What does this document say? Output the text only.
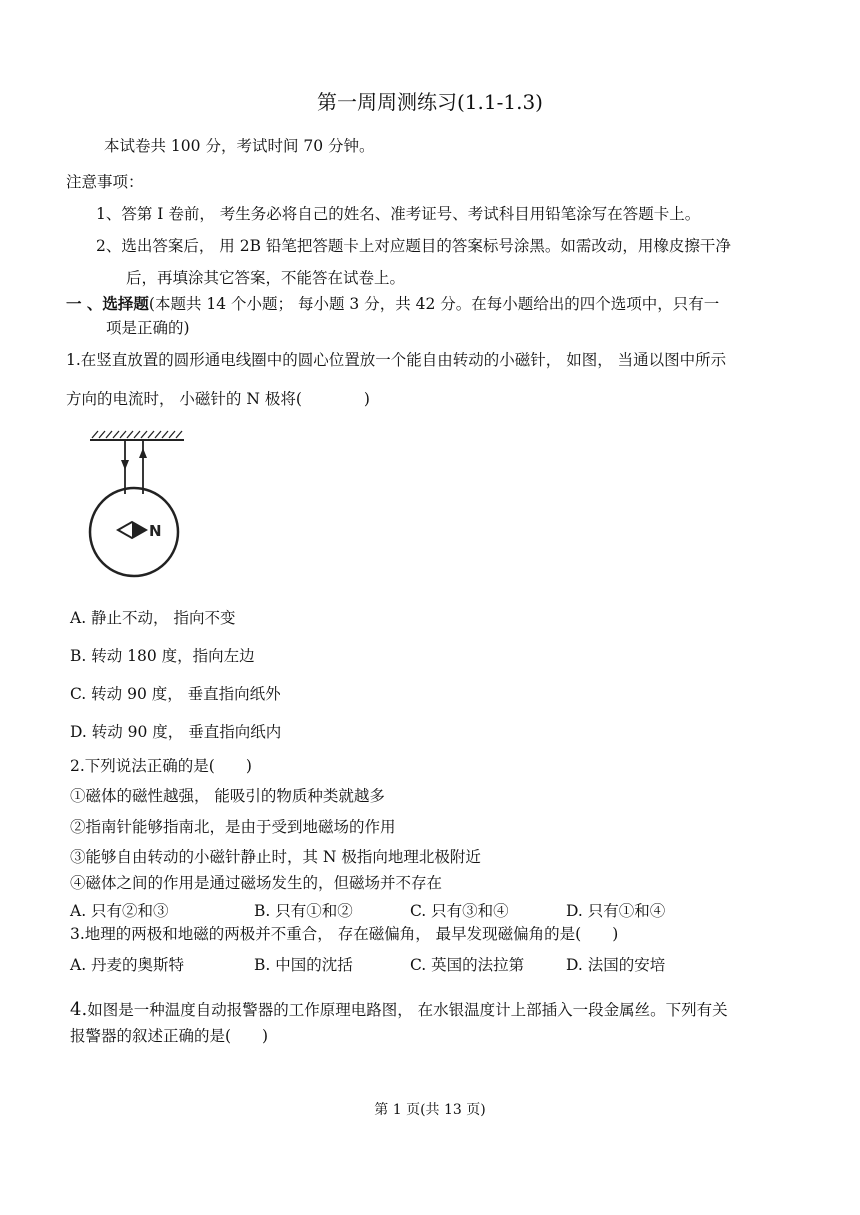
第一周周测练习(1.1-1.3)
本试卷共 100 分，考试时间 70 分钟。
注意事项：
1、答第 I 卷前， 考生务必将自己的姓名、准考证号、考试科目用铅笔涂写在答题卡上。
2、选出答案后， 用 2B 铅笔把答题卡上对应题目的答案标号涂黑。如需改动，用橡皮擦干净
后，再填涂其它答案，不能答在试卷上。
一 、选择题(本题共 14 个小题； 每小题 3 分，共 42 分。在每小题给出的四个选项中，只有一
项是正确的)
1.在竖直放置的圆形通电线圈中的圆心位置放一个能自由转动的小磁针， 如图， 当通以图中所示
方向的电流时， 小磁针的 N 极将(　　　　)
N
A. 静止不动， 指向不变
B. 转动 180 度，指向左边
C. 转动 90 度， 垂直指向纸外
D. 转动 90 度， 垂直指向纸内
2.下列说法正确的是(　　)
①磁体的磁性越强， 能吸引的物质种类就越多
②指南针能够指南北，是由于受到地磁场的作用
③能够自由转动的小磁针静止时，其 N 极指向地理北极附近
④磁体之间的作用是通过磁场发生的，但磁场并不存在
A. 只有②和③	B. 只有①和②	C. 只有③和④	D. 只有①和④
3.地理的两极和地磁的两极并不重合， 存在磁偏角， 最早发现磁偏角的是(　　)
A. 丹麦的奥斯特	B. 中国的沈括	C. 英国的法拉第	D. 法国的安培
4.如图是一种温度自动报警器的工作原理电路图， 在水银温度计上部插入一段金属丝。下列有关
报警器的叙述正确的是(　　)
第 1 页(共 13 页)
